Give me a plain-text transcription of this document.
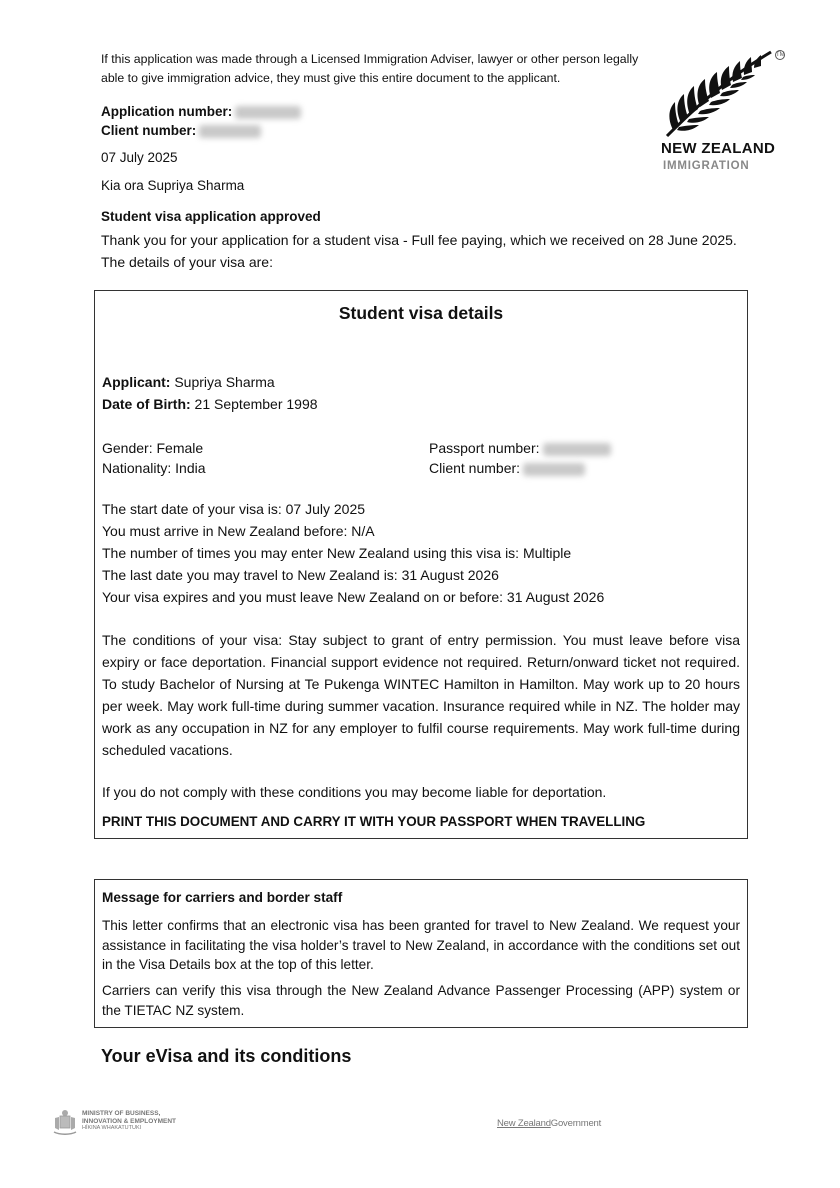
If this application was made through a Licensed Immigration Adviser, lawyer or other person legally able to give immigration advice, they must give this entire document to the applicant.
Application number:
Client number:
07 July 2025
Kia ora Supriya Sharma
TM
NEW ZEALAND
IMMIGRATION
Student visa application approved
Thank you for your application for a student visa - Full fee paying, which we received on 28 June 2025. The details of your visa are:
Student visa details
Applicant: Supriya Sharma
Date of Birth: 21 September 1998
Gender: Female
Nationality: India
Passport number:
Client number:
The start date of your visa is: 07 July 2025
You must arrive in New Zealand before: N/A
The number of times you may enter New Zealand using this visa is: Multiple
The last date you may travel to New Zealand is: 31 August 2026
Your visa expires and you must leave New Zealand on or before: 31 August 2026
The conditions of your visa: Stay subject to grant of entry permission. You must leave before visa expiry or face deportation. Financial support evidence not required. Return/onward ticket not required. To study Bachelor of Nursing at Te Pukenga WINTEC Hamilton in Hamilton. May work up to 20 hours per week. May work full-time during summer vacation. Insurance required while in NZ. The holder may work as any occupation in NZ for any employer to fulfil course requirements. May work full-time during scheduled vacations.
If you do not comply with these conditions you may become liable for deportation.
PRINT THIS DOCUMENT AND CARRY IT WITH YOUR PASSPORT WHEN TRAVELLING
Message for carriers and border staff
This letter confirms that an electronic visa has been granted for travel to New Zealand. We request your assistance in facilitating the visa holder’s travel to New Zealand, in accordance with the conditions set out in the Visa Details box at the top of this letter.
Carriers can verify this visa through the New Zealand Advance Passenger Processing (APP) system or the TIETAC NZ system.
Your eVisa and its conditions
MINISTRY OF BUSINESS,
INNOVATION & EMPLOYMENT
HĪKINA WHAKATUTUKI	New ZealandGovernment
